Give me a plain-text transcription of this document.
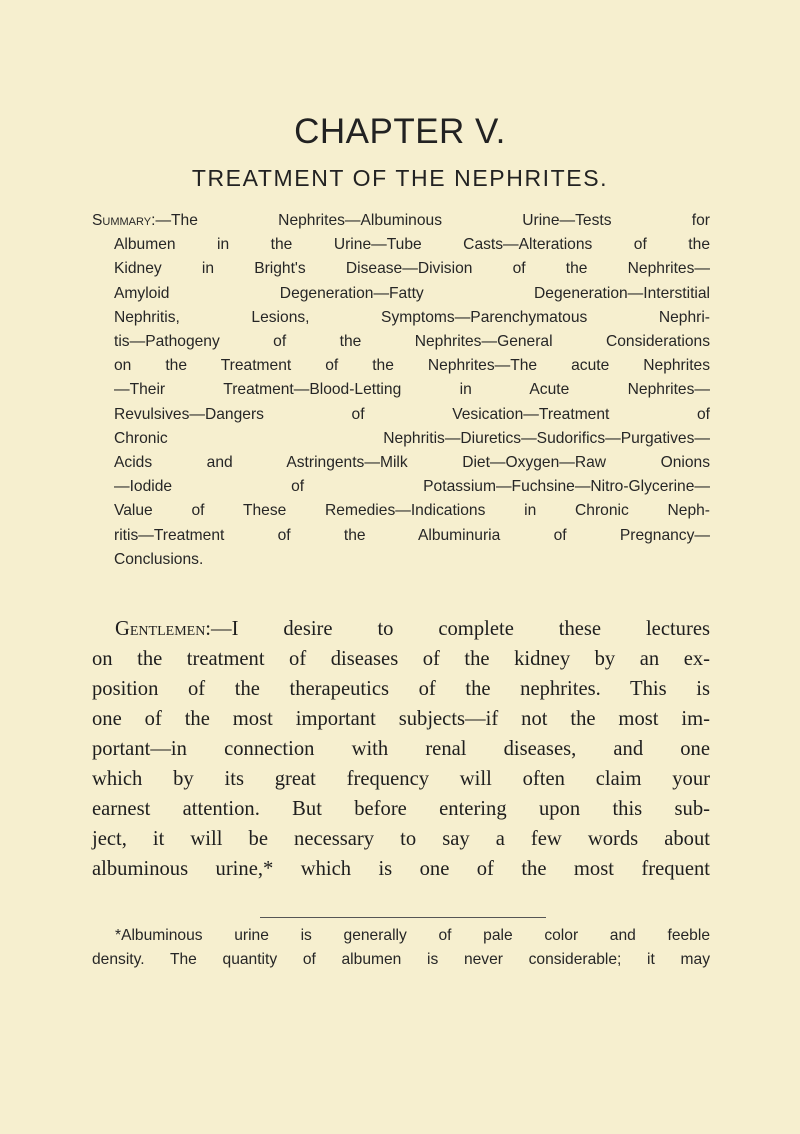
CHAPTER V.
TREATMENT OF THE NEPHRITES.
Summary:—The Nephrites—Albuminous Urine—Tests for
Albumen in the Urine—Tube Casts—Alterations of the
Kidney in Bright's Disease—Division of the Nephrites—
Amyloid Degeneration—Fatty Degeneration—Interstitial
Nephritis, Lesions, Symptoms—Parenchymatous Nephri-
tis—Pathogeny of the Nephrites—General Considerations
on the Treatment of the Nephrites—The acute Nephrites
—Their Treatment—Blood-Letting in Acute Nephrites—
Revulsives—Dangers of Vesication—Treatment of
Chronic Nephritis—Diuretics—Sudorifics—Purgatives—
Acids and Astringents—Milk Diet—Oxygen—Raw Onions
—Iodide of Potassium—Fuchsine—Nitro-Glycerine—
Value of These Remedies—Indications in Chronic Neph-
ritis—Treatment of the Albuminuria of Pregnancy—
Conclusions.
Gentlemen:—I desire to complete these lectures
on the treatment of diseases of the kidney by an ex-
position of the therapeutics of the nephrites. This is
one of the most important subjects—if not the most im-
portant—in connection with renal diseases, and one
which by its great frequency will often claim your
earnest attention. But before entering upon this sub-
ject, it will be necessary to say a few words about
albuminous urine,* which is one of the most frequent
*Albuminous urine is generally of pale color and feeble
density. The quantity of albumen is never considerable; it may
